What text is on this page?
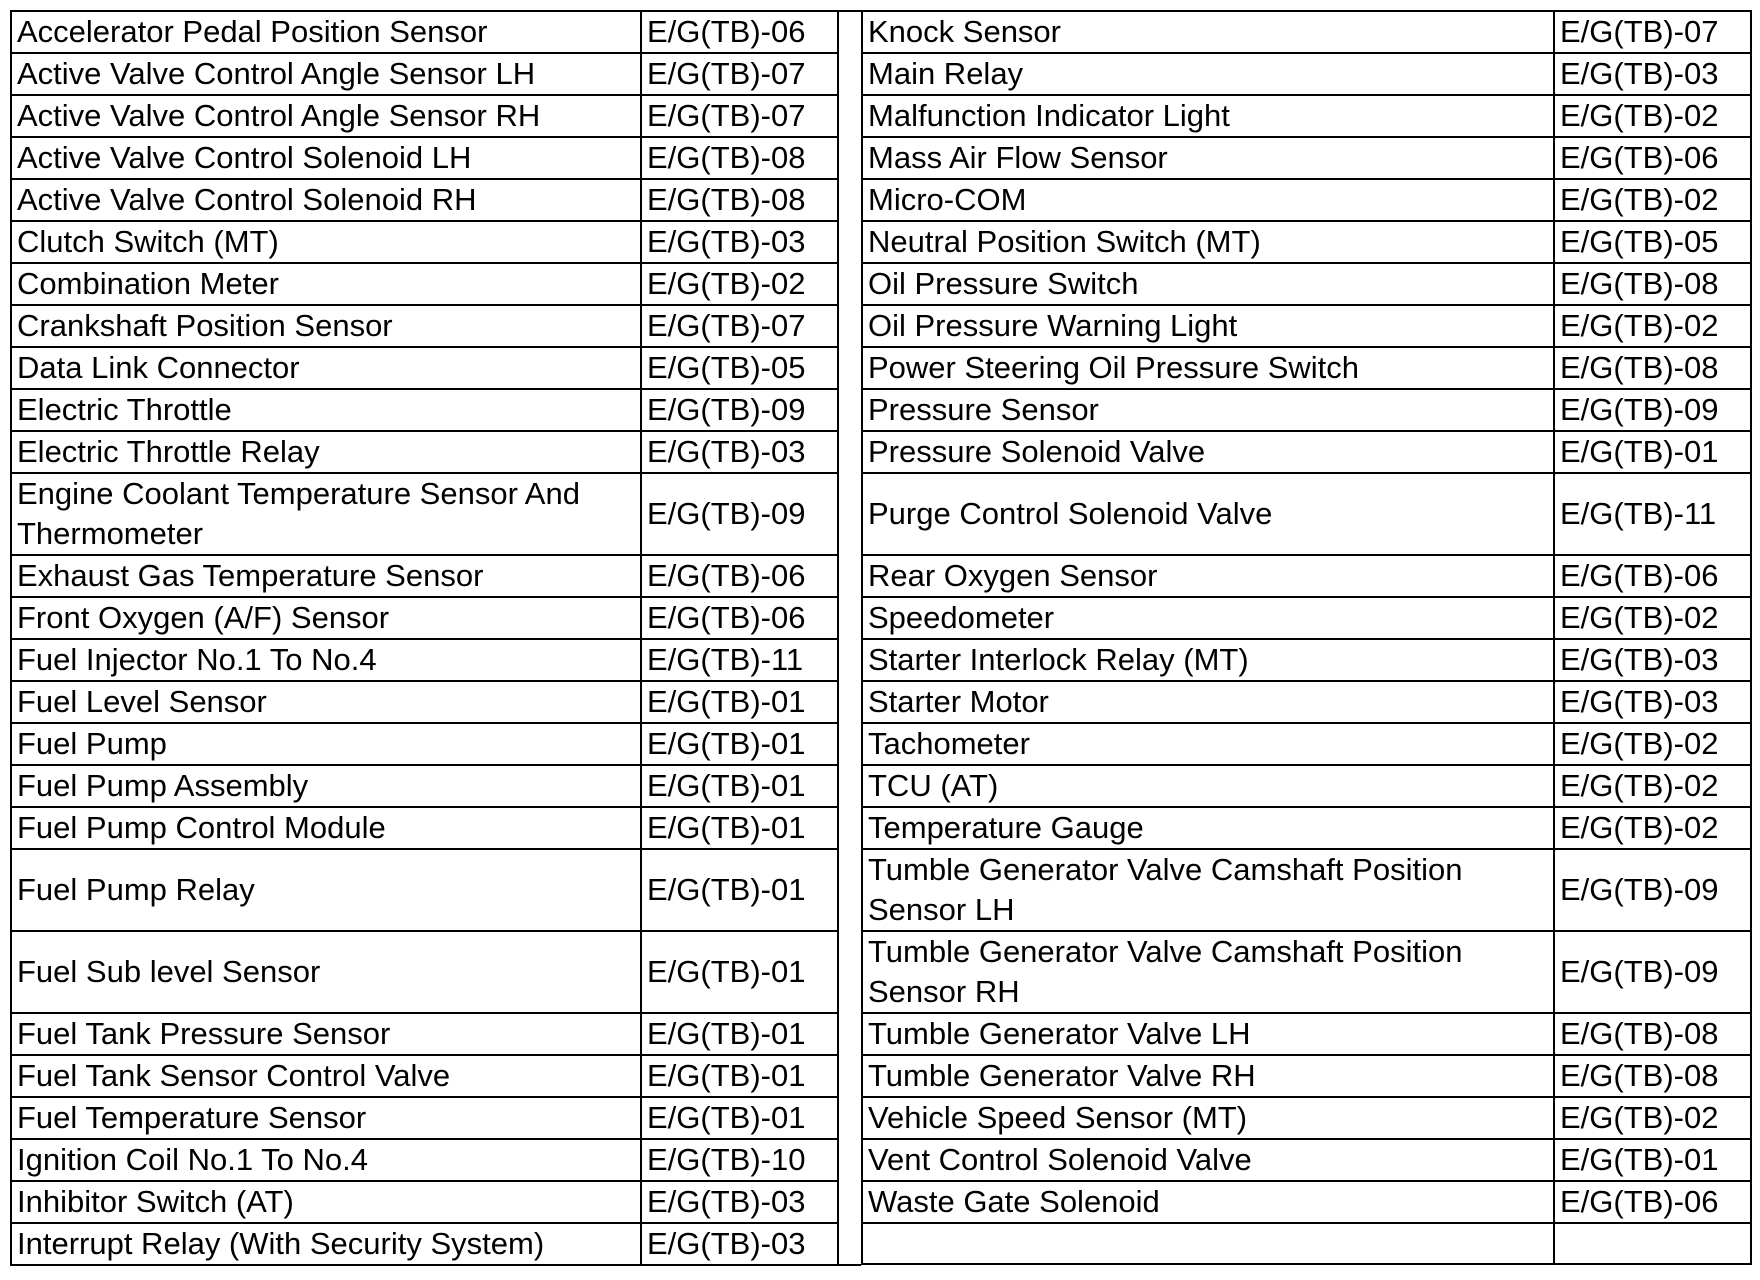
Accelerator Pedal Position Sensor	E/G(TB)-06
Active Valve Control Angle Sensor LH	E/G(TB)-07
Active Valve Control Angle Sensor RH	E/G(TB)-07
Active Valve Control Solenoid LH	E/G(TB)-08
Active Valve Control Solenoid RH	E/G(TB)-08
Clutch Switch (MT)	E/G(TB)-03
Combination Meter	E/G(TB)-02
Crankshaft Position Sensor	E/G(TB)-07
Data Link Connector	E/G(TB)-05
Electric Throttle	E/G(TB)-09
Electric Throttle Relay	E/G(TB)-03
Engine Coolant Temperature Sensor And Thermometer	E/G(TB)-09
Exhaust Gas Temperature Sensor	E/G(TB)-06
Front Oxygen (A/F) Sensor	E/G(TB)-06
Fuel Injector No.1 To No.4	E/G(TB)-11
Fuel Level Sensor	E/G(TB)-01
Fuel Pump	E/G(TB)-01
Fuel Pump Assembly	E/G(TB)-01
Fuel Pump Control Module	E/G(TB)-01
Fuel Pump Relay	E/G(TB)-01
Fuel Sub level Sensor	E/G(TB)-01
Fuel Tank Pressure Sensor	E/G(TB)-01
Fuel Tank Sensor Control Valve	E/G(TB)-01
Fuel Temperature Sensor	E/G(TB)-01
Ignition Coil No.1 To No.4	E/G(TB)-10
Inhibitor Switch (AT)	E/G(TB)-03
Interrupt Relay (With Security System)	E/G(TB)-03
Knock Sensor	E/G(TB)-07
Main Relay	E/G(TB)-03
Malfunction Indicator Light	E/G(TB)-02
Mass Air Flow Sensor	E/G(TB)-06
Micro-COM	E/G(TB)-02
Neutral Position Switch (MT)	E/G(TB)-05
Oil Pressure Switch	E/G(TB)-08
Oil Pressure Warning Light	E/G(TB)-02
Power Steering Oil Pressure Switch	E/G(TB)-08
Pressure Sensor	E/G(TB)-09
Pressure Solenoid Valve	E/G(TB)-01
Purge Control Solenoid Valve	E/G(TB)-11
Rear Oxygen Sensor	E/G(TB)-06
Speedometer	E/G(TB)-02
Starter Interlock Relay (MT)	E/G(TB)-03
Starter Motor	E/G(TB)-03
Tachometer	E/G(TB)-02
TCU (AT)	E/G(TB)-02
Temperature Gauge	E/G(TB)-02
Tumble Generator Valve Camshaft Position Sensor LH	E/G(TB)-09
Tumble Generator Valve Camshaft Position Sensor RH	E/G(TB)-09
Tumble Generator Valve LH	E/G(TB)-08
Tumble Generator Valve RH	E/G(TB)-08
Vehicle Speed Sensor (MT)	E/G(TB)-02
Vent Control Solenoid Valve	E/G(TB)-01
Waste Gate Solenoid	E/G(TB)-06
